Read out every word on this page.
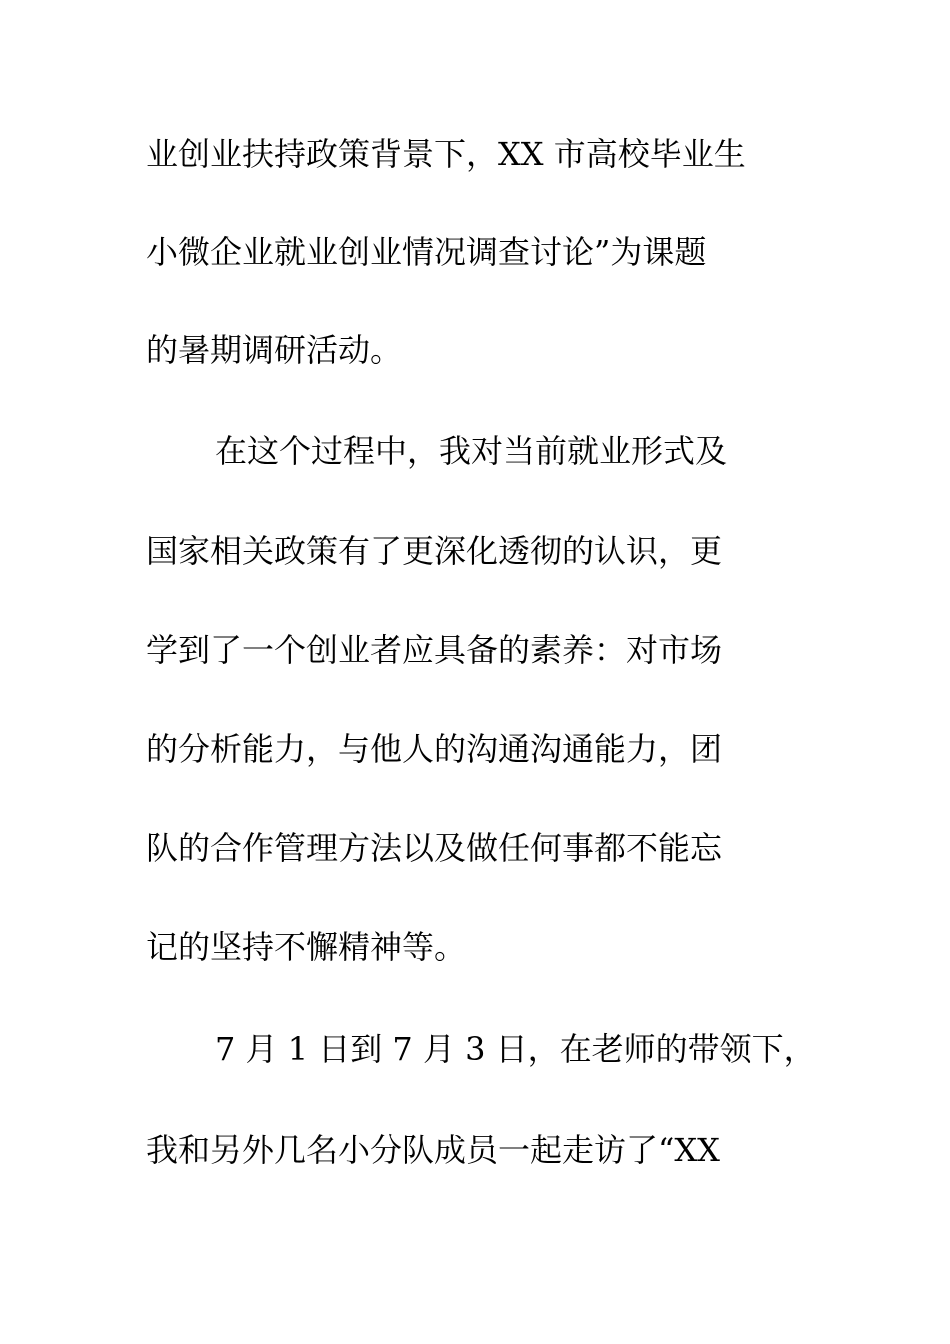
业创业扶持政策背景下，XX 市高校毕业生
小微企业就业创业情况调查讨论”为课题
的暑期调研活动。
在这个过程中，我对当前就业形式及
国家相关政策有了更深化透彻的认识，更
学到了一个创业者应具备的素养：对市场
的分析能力，与他人的沟通沟通能力，团
队的合作管理方法以及做任何事都不能忘
记的坚持不懈精神等。
7 月 1 日到 7 月 3 日，在老师的带领下，
我和另外几名小分队成员一起走访了“XX
